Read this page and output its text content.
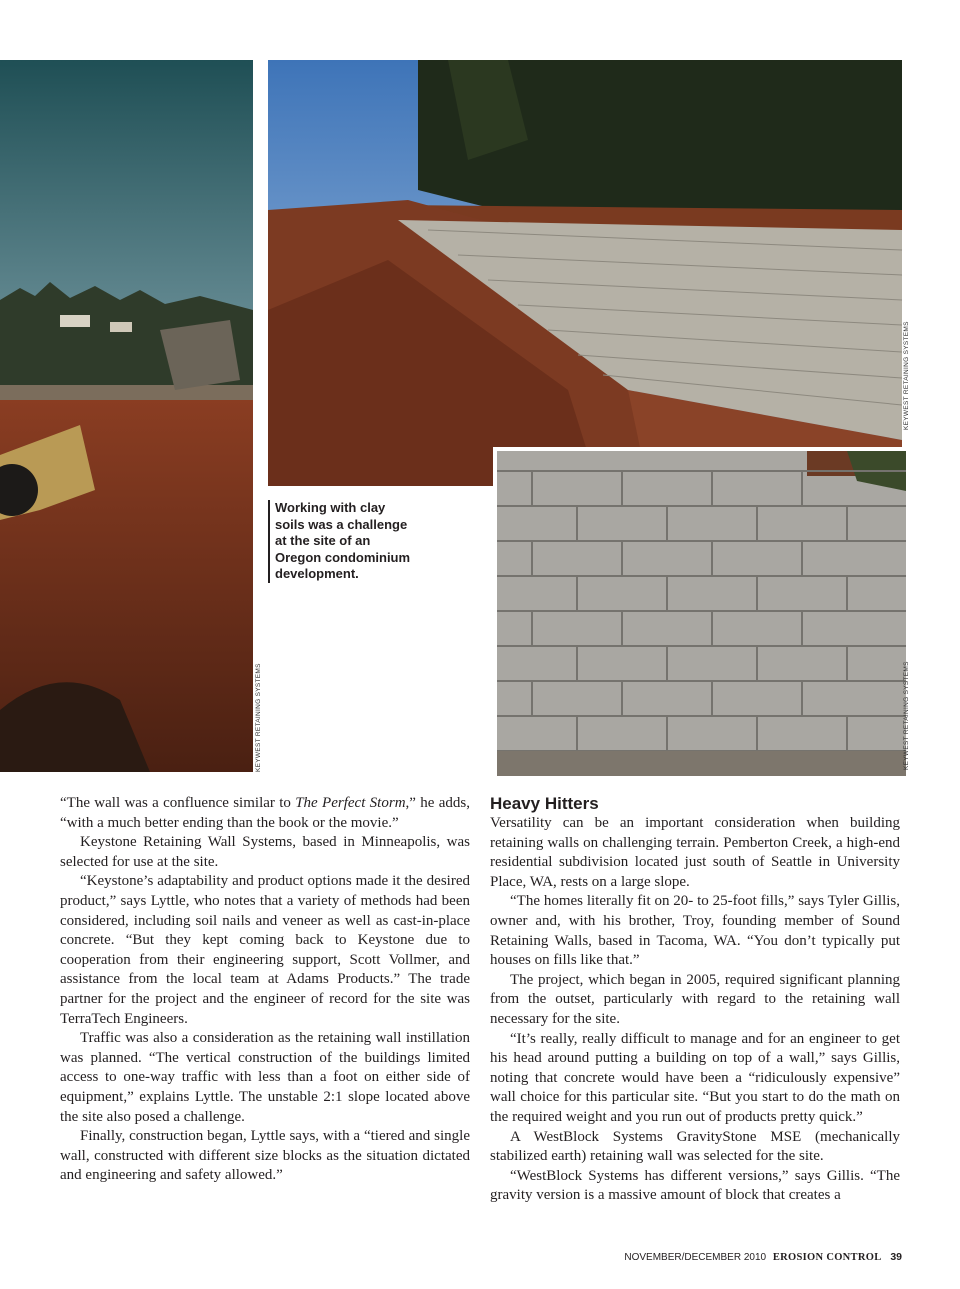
KEYWEST RETAINING SYSTEMS
KEYWEST RETAINING SYSTEMS
KEYWEST RETAINING SYSTEMS
Working with clay soils was a challenge at the site of an Oregon condominium development.

“The wall was a confluence similar to The Perfect Storm,” he adds, “with a much better ending than the book or the movie.”

Keystone Retaining Wall Systems, based in Minneapolis, was selected for use at the site.

“Keystone’s adaptability and product options made it the desired product,” says Lyttle, who notes that a variety of methods had been considered, including soil nails and veneer as well as cast-in-place concrete. “But they kept coming back to Keystone due to cooperation from their engineering support, Scott Vollmer, and assistance from the local team at Adams Products.” The trade partner for the project and the engineer of record for the site was TerraTech Engineers.

Traffic was also a consideration as the retaining wall instillation was planned. “The vertical construction of the buildings limited access to one-way traffic with less than a foot on either side of equipment,” explains Lyttle. The unstable 2:1 slope located above the site also posed a challenge.

Finally, construction began, Lyttle says, with a “tiered and single wall, constructed with different size blocks as the situation dictated and engineering and safety allowed.”

Heavy Hitters

Versatility can be an important consideration when building retaining walls on challenging terrain. Pemberton Creek, a high-end residential subdivision located just south of Seattle in University Place, WA, rests on a large slope.

“The homes literally fit on 20- to 25-foot fills,” says Tyler Gillis, owner and, with his brother, Troy, founding member of Sound Retaining Walls, based in Tacoma, WA. “You don’t typically put houses on fills like that.”

The project, which began in 2005, required significant planning from the outset, particularly with regard to the retaining wall necessary for the site.

“It’s really, really difficult to manage and for an engineer to get his head around putting a building on top of a wall,” says Gillis, noting that concrete would have been a “ridiculously expensive” wall choice for this particular site. “But you start to do the math on the required weight and you run out of products pretty quick.”

A WestBlock Systems GravityStone MSE (mechanically stabilized earth) retaining wall was selected for the site.

“WestBlock Systems has different versions,” says Gillis. “The gravity version is a massive amount of block that creates a

NOVEMBER/DECEMBER 2010 EROSION CONTROL 39
